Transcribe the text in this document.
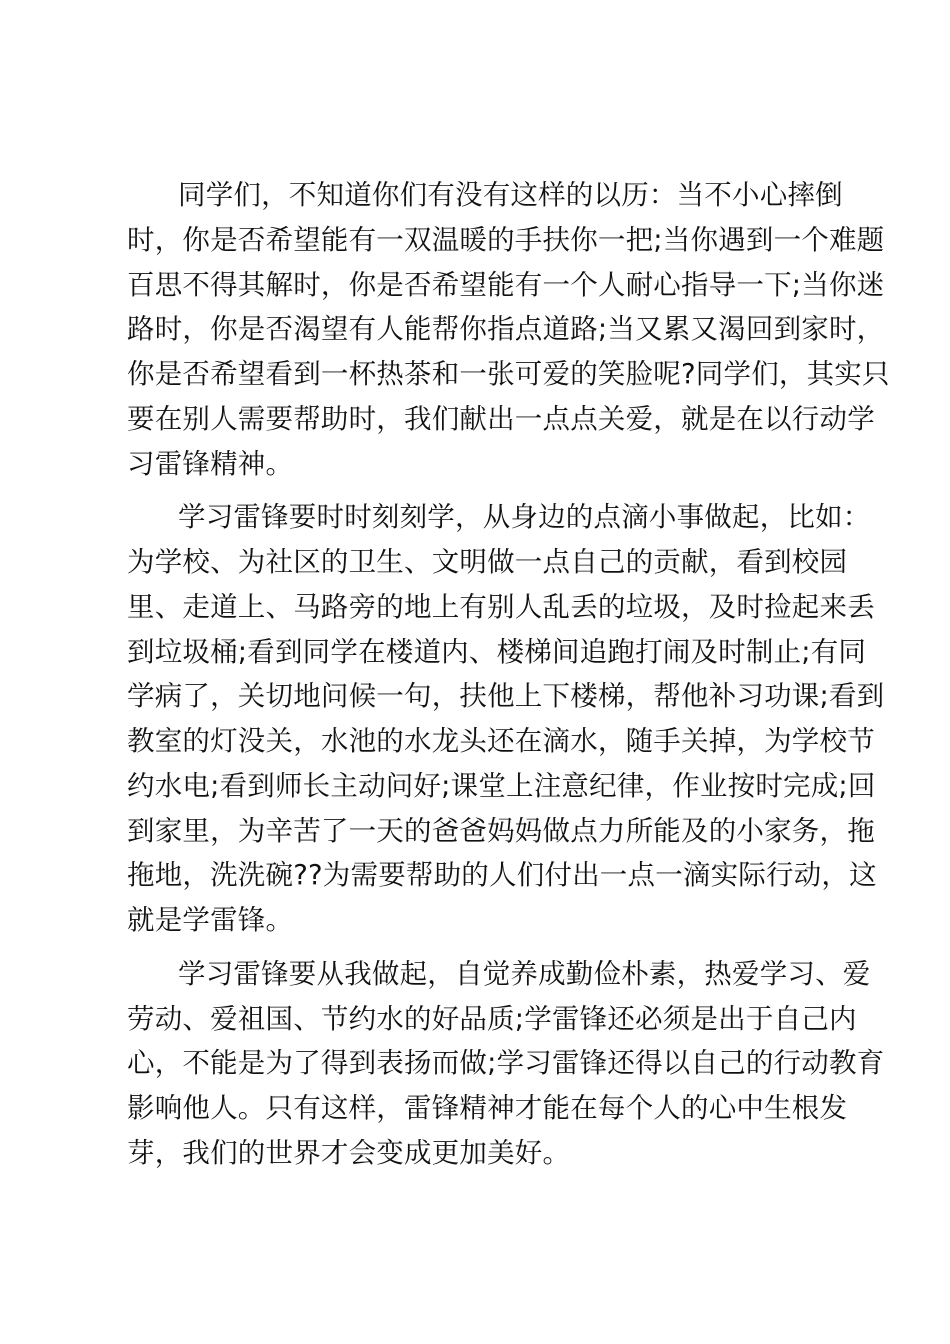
同学们，不知道你们有没有这样的以历：当不小心摔倒
时，你是否希望能有一双温暖的手扶你一把;当你遇到一个难题
百思不得其解时，你是否希望能有一个人耐心指导一下;当你迷
路时，你是否渴望有人能帮你指点道路;当又累又渴回到家时，
你是否希望看到一杯热茶和一张可爱的笑脸呢?同学们，其实只
要在别人需要帮助时，我们献出一点点关爱，就是在以行动学
习雷锋精神。

学习雷锋要时时刻刻学，从身边的点滴小事做起，比如：
为学校、为社区的卫生、文明做一点自己的贡献，看到校园
里、走道上、马路旁的地上有别人乱丢的垃圾，及时捡起来丢
到垃圾桶;看到同学在楼道内、楼梯间追跑打闹及时制止;有同
学病了，关切地问候一句，扶他上下楼梯，帮他补习功课;看到
教室的灯没关，水池的水龙头还在滴水，随手关掉，为学校节
约水电;看到师长主动问好;课堂上注意纪律，作业按时完成;回
到家里，为辛苦了一天的爸爸妈妈做点力所能及的小家务，拖
拖地，洗洗碗??为需要帮助的人们付出一点一滴实际行动，这
就是学雷锋。

学习雷锋要从我做起，自觉养成勤俭朴素，热爱学习、爱
劳动、爱祖国、节约水的好品质;学雷锋还必须是出于自己内
心，不能是为了得到表扬而做;学习雷锋还得以自己的行动教育
影响他人。只有这样，雷锋精神才能在每个人的心中生根发
芽，我们的世界才会变成更加美好。
